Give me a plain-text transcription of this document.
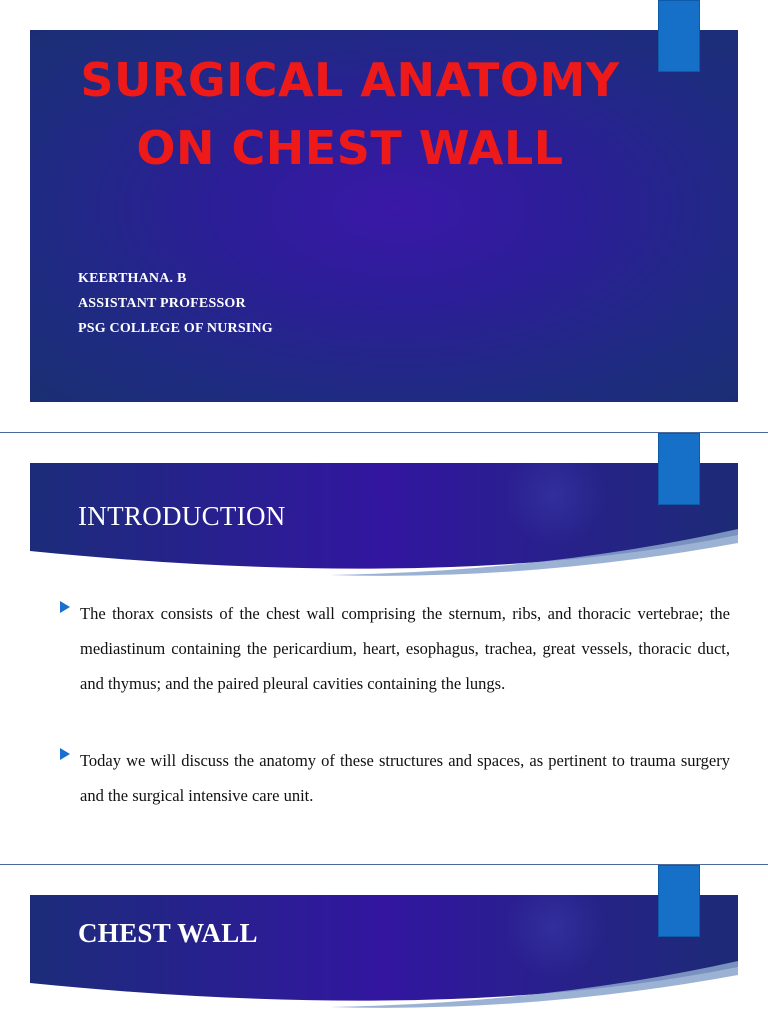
SURGICAL ANATOMY
ON CHEST WALL
KEERTHANA. B
ASSISTANT PROFESSOR
PSG COLLEGE OF NURSING
INTRODUCTION
The thorax consists of the chest wall comprising the sternum, ribs, and thoracic vertebrae; the mediastinum containing the pericardium, heart, esophagus, trachea, great vessels, thoracic duct, and thymus; and the paired pleural cavities containing the lungs.
Today we will discuss the anatomy of these structures and spaces, as pertinent to trauma surgery and the surgical intensive care unit.
CHEST WALL
